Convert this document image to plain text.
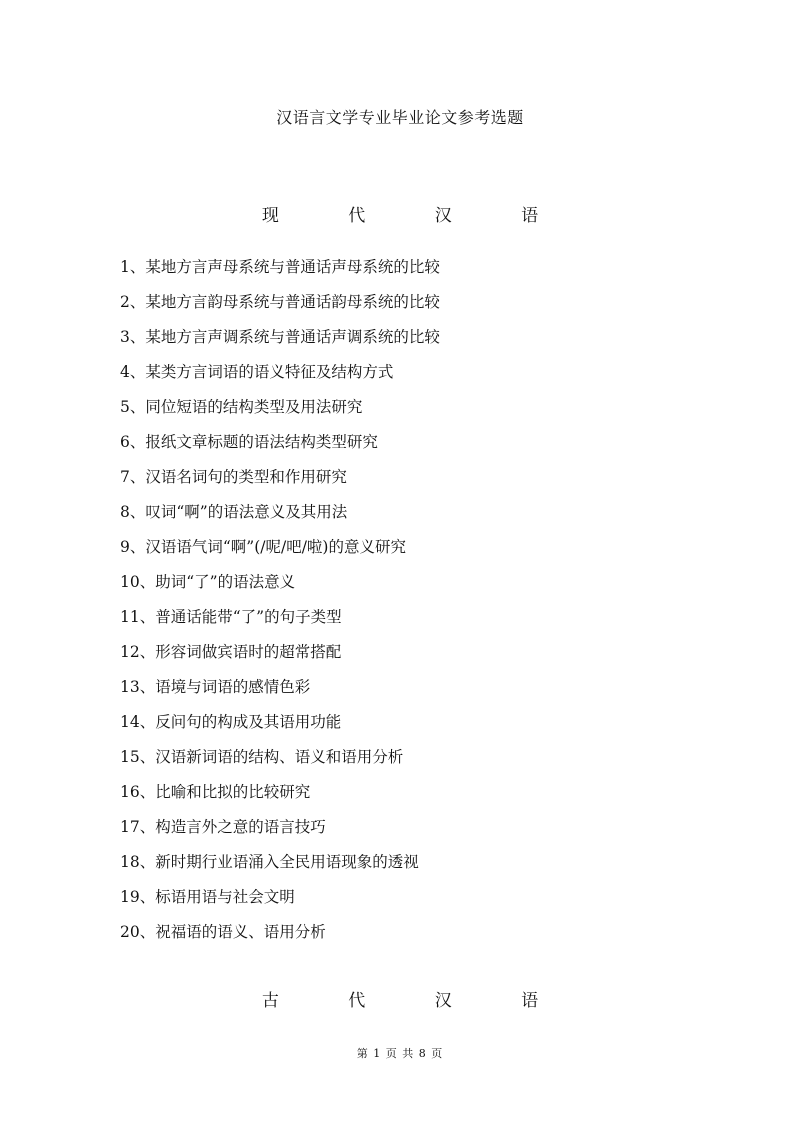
汉语言文学专业毕业论文参考选题
现 代 汉 语
1、某地方言声母系统与普通话声母系统的比较
2、某地方言韵母系统与普通话韵母系统的比较
3、某地方言声调系统与普通话声调系统的比较
4、某类方言词语的语义特征及结构方式
5、同位短语的结构类型及用法研究
6、报纸文章标题的语法结构类型研究
7、汉语名词句的类型和作用研究
8、叹词“啊”的语法意义及其用法
9、汉语语气词“啊”(/呢/吧/啦)的意义研究
10、助词“了”的语法意义
11、普通话能带“了”的句子类型
12、形容词做宾语时的超常搭配
13、语境与词语的感情色彩
14、反问句的构成及其语用功能
15、汉语新词语的结构、语义和语用分析
16、比喻和比拟的比较研究
17、构造言外之意的语言技巧
18、新时期行业语涌入全民用语现象的透视
19、标语用语与社会文明
20、祝福语的语义、语用分析
古 代 汉 语
第 1 页 共 8 页
